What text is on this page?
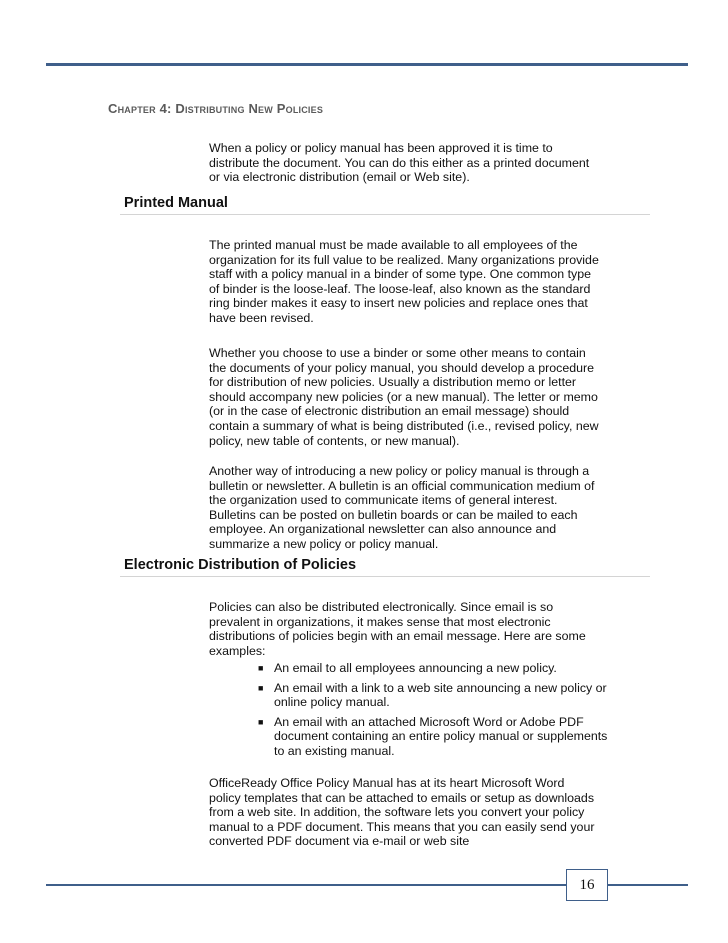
Chapter 4: Distributing New Policies

When a policy or policy manual has been approved it is time to distribute the document. You can do this either as a printed document or via electronic distribution (email or Web site).

Printed Manual

The printed manual must be made available to all employees of the organization for its full value to be realized. Many organizations provide staff with a policy manual in a binder of some type. One common type of binder is the loose-leaf. The loose-leaf, also known as the standard ring binder makes it easy to insert new policies and replace ones that have been revised.

Whether you choose to use a binder or some other means to contain the documents of your policy manual, you should develop a procedure for distribution of new policies. Usually a distribution memo or letter should accompany new policies (or a new manual). The letter or memo (or in the case of electronic distribution an email message) should contain a summary of what is being distributed (i.e., revised policy, new policy, new table of contents, or new manual).

Another way of introducing a new policy or policy manual is through a bulletin or newsletter. A bulletin is an official communication medium of the organization used to communicate items of general interest. Bulletins can be posted on bulletin boards or can be mailed to each employee. An organizational newsletter can also announce and summarize a new policy or policy manual.

Electronic Distribution of Policies

Policies can also be distributed electronically. Since email is so prevalent in organizations, it makes sense that most electronic distributions of policies begin with an email message. Here are some examples:

■ An email to all employees announcing a new policy.
■ An email with a link to a web site announcing a new policy or online policy manual.
■ An email with an attached Microsoft Word or Adobe PDF document containing an entire policy manual or supplements to an existing manual.

OfficeReady Office Policy Manual has at its heart Microsoft Word policy templates that can be attached to emails or setup as downloads from a web site. In addition, the software lets you convert your policy manual to a PDF document. This means that you can easily send your converted PDF document via e-mail or web site

16
